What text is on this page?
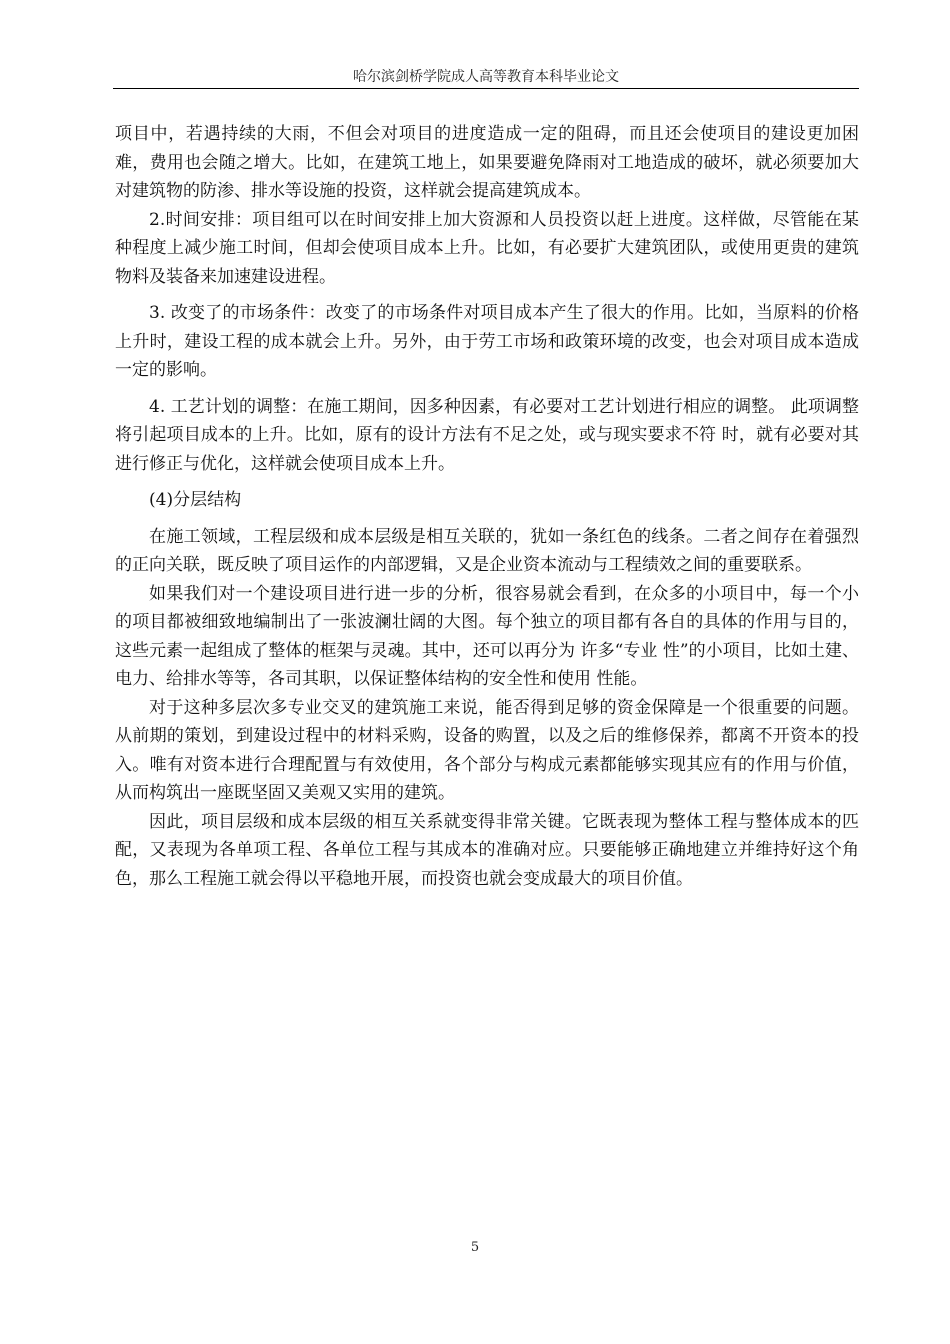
哈尔滨剑桥学院成人高等教育本科毕业论文

项目中，若遇持续的大雨，不但会对项目的进度造成一定的阻碍，而且还会使项目的建设更加困难，费用也会随之增大。比如，在建筑工地上，如果要避免降雨对工地造成的破坏，就必须要加大对建筑物的防渗、排水等设施的投资，这样就会提高建筑成本。

2.时间安排：项目组可以在时间安排上加大资源和人员投资以赶上进度。这样做，尽管能在某种程度上减少施工时间，但却会使项目成本上升。比如，有必要扩大建筑团队，或使用更贵的建筑物料及装备来加速建设进程。

3. 改变了的市场条件：改变了的市场条件对项目成本产生了很大的作用。比如，当原料的价格上升时，建设工程的成本就会上升。另外，由于劳工市场和政策环境的改变，也会对项目成本造成一定的影响。

4. 工艺计划的调整：在施工期间，因多种因素，有必要对工艺计划进行相应的调整。 此项调整将引起项目成本的上升。比如，原有的设计方法有不足之处，或与现实要求不符 时，就有必要对其进行修正与优化，这样就会使项目成本上升。

(4)分层结构

在施工领域，工程层级和成本层级是相互关联的，犹如一条红色的线条。二者之间存在着强烈的正向关联，既反映了项目运作的内部逻辑，又是企业资本流动与工程绩效之间的重要联系。

如果我们对一个建设项目进行进一步的分析，很容易就会看到，在众多的小项目中，每一个小的项目都被细致地编制出了一张波澜壮阔的大图。每个独立的项目都有各自的具体的作用与目的，这些元素一起组成了整体的框架与灵魂。其中，还可以再分为 许多“专业 性”的小项目，比如土建、电力、给排水等等，各司其职，以保证整体结构的安全性和使用 性能。

对于这种多层次多专业交叉的建筑施工来说，能否得到足够的资金保障是一个很重要的问题。从前期的策划，到建设过程中的材料采购，设备的购置，以及之后的维修保养，都离不开资本的投入。唯有对资本进行合理配置与有效使用，各个部分与构成元素都能够实现其应有的作用与价值，从而构筑出一座既坚固又美观又实用的建筑。

因此，项目层级和成本层级的相互关系就变得非常关键。它既表现为整体工程与整体成本的匹配，又表现为各单项工程、各单位工程与其成本的准确对应。只要能够正确地建立并维持好这个角色，那么工程施工就会得以平稳地开展，而投资也就会变成最大的项目价值。

5
